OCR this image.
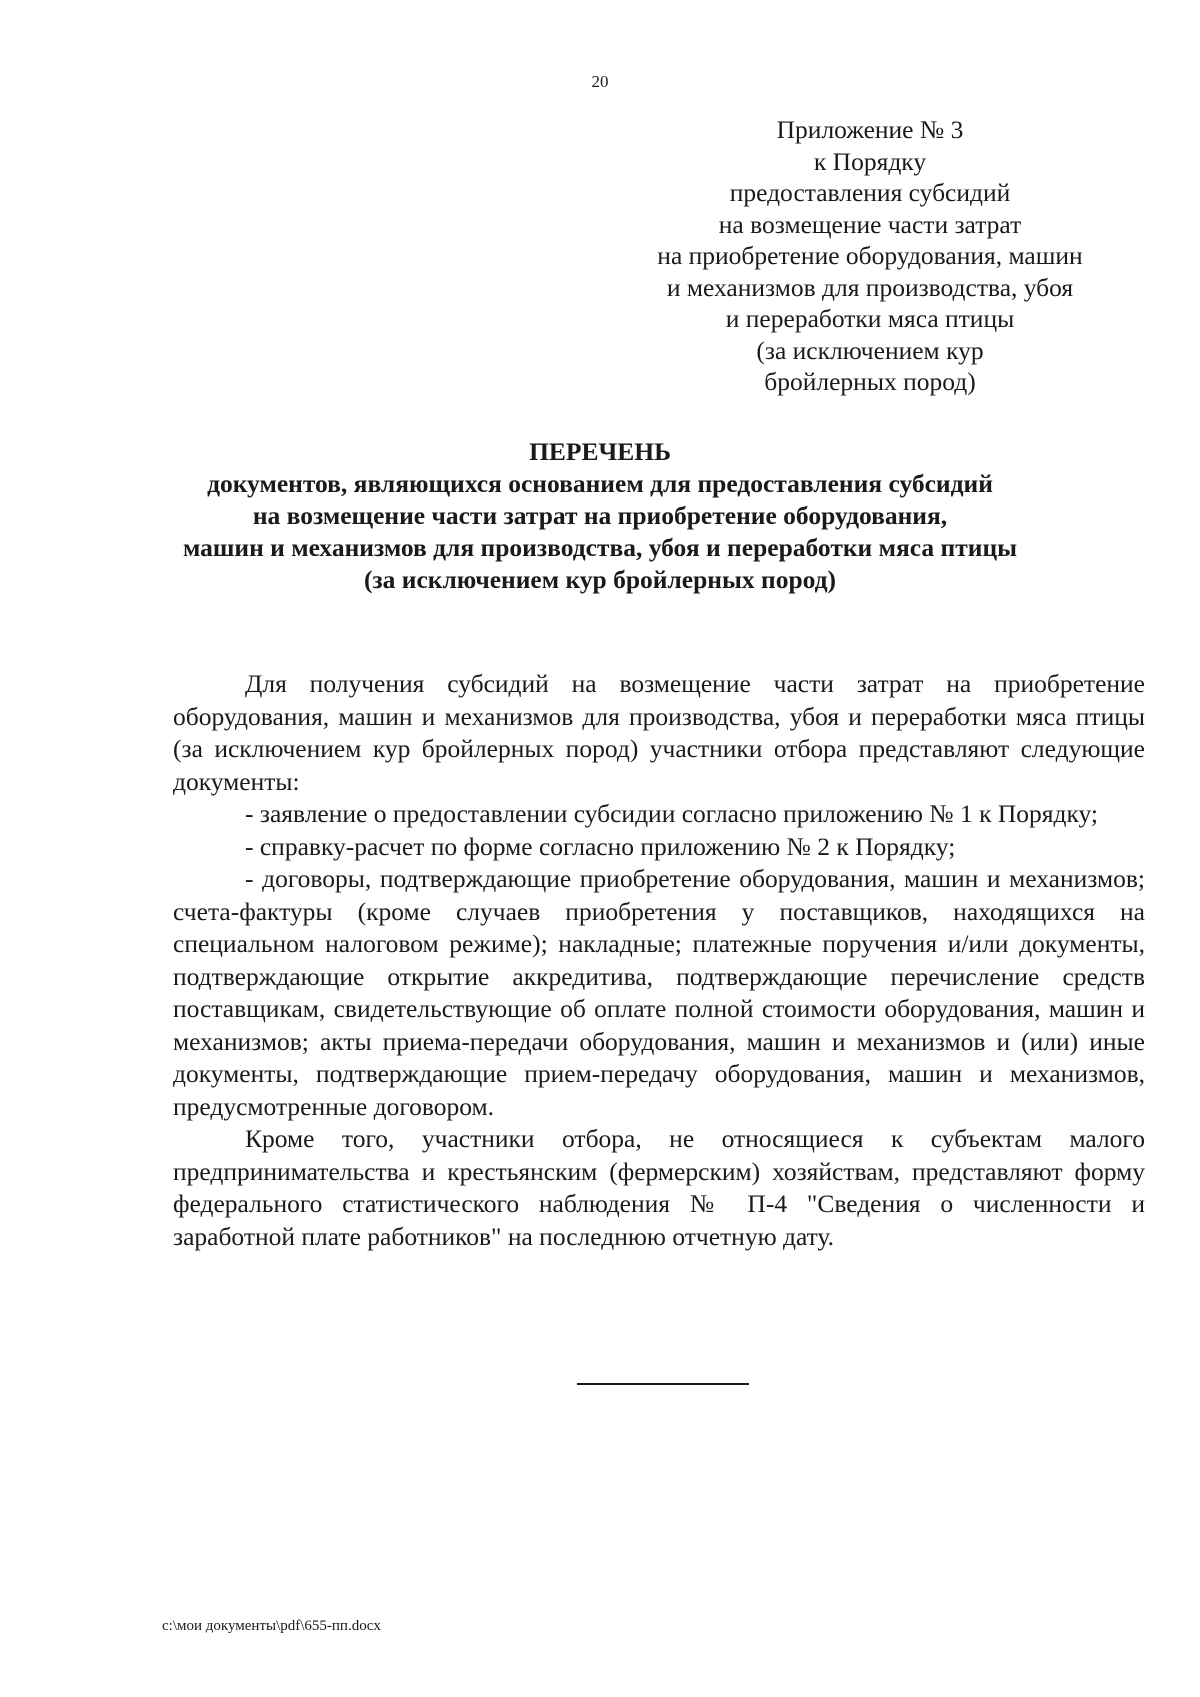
20
Приложение № 3
к Порядку
предоставления субсидий
на возмещение части затрат
на приобретение оборудования, машин
и механизмов для производства, убоя
и переработки мяса птицы
(за исключением кур
бройлерных пород)
ПЕРЕЧЕНЬ
документов, являющихся основанием для предоставления субсидий
на возмещение части затрат на приобретение оборудования,
машин и механизмов для производства, убоя и переработки мяса птицы
(за исключением кур бройлерных пород)

Для получения субсидий на возмещение части затрат на приобретение оборудования, машин и механизмов для производства, убоя и переработки мяса птицы (за исключением кур бройлерных пород) участники отбора представляют следующие документы:

- заявление о предоставлении субсидии согласно приложению № 1 к Порядку;

- справку-расчет по форме согласно приложению № 2 к Порядку;

- договоры, подтверждающие приобретение оборудования, машин и механизмов; счета-фактуры (кроме случаев приобретения у поставщиков, находящихся на специальном налоговом режиме); накладные; платежные поручения и/или документы, подтверждающие открытие аккредитива, подтверждающие перечисление средств поставщикам, свидетельствующие об оплате полной стоимости оборудования, машин и механизмов; акты приема-передачи оборудования, машин и механизмов и (или) иные документы, подтверждающие прием-передачу оборудования, машин и механизмов, предусмотренные договором.

Кроме того, участники отбора, не относящиеся к субъектам малого предпринимательства и крестьянским (фермерским) хозяйствам, представляют форму федерального статистического наблюдения № П-4 "Сведения о численности и заработной плате работников" на последнюю отчетную дату.

c:\мои документы\pdf\655-пп.docx
